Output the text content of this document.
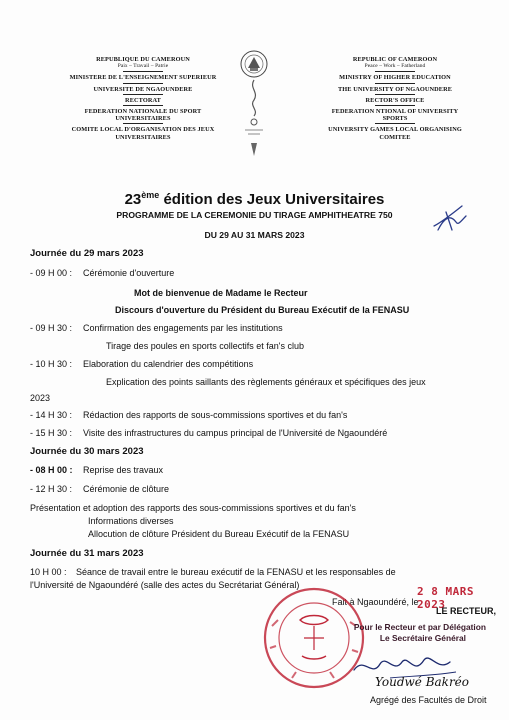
REPUBLIQUE DU CAMEROUN
Paix – Travail – Patrie
MINISTERE DE L'ENSEIGNEMENT SUPERIEUR
UNIVERSITE DE NGAOUNDERE
RECTORAT
FEDERATION NATIONALE DU SPORT
UNIVERSITAIRES
COMITE LOCAL D'ORGANISATION DES JEUX
UNIVERSITAIRES
REPUBLIC OF CAMEROON
Peace – Work – Fatherland
MINISTRY OF HIGHER EDUCATION
THE UNIVERSITY OF NGAOUNDERE
RECTOR'S OFFICE
FEDERATION NTIONAL OF UNIVERSITY
SPORTS
UNIVERSITY GAMES LOCAL ORGANISING
COMITEE
23ème édition des Jeux Universitaires
PROGRAMME DE LA CEREMONIE DU TIRAGE AMPHITHEATRE 750
DU 29 AU 31 MARS 2023
Journée du 29 mars 2023
- 09 H 00 : Cérémonie d'ouverture
Mot de bienvenue de Madame le Recteur
Discours d'ouverture du Président du Bureau Exécutif de la FENASU
- 09 H 30 : Confirmation des engagements par les institutions
Tirage des poules en sports collectifs et fan's club
- 10 H 30 : Elaboration du calendrier des compétitions
Explication des points saillants des règlements généraux et spécifiques des jeux
2023
- 14 H 30 : Rédaction des rapports de sous-commissions sportives et du fan's
- 15 H 30 : Visite des infrastructures du campus principal de l'Université de Ngaoundéré
Journée du 30 mars 2023
- 08 H 00 : Reprise des travaux
- 12 H 30 : Cérémonie de clôture
Présentation et adoption des rapports des sous-commissions sportives et du fan's
Informations diverses
Allocution de clôture Président du Bureau Exécutif de la FENASU
Journée du 31 mars 2023
10 H 00 : Séance de travail entre le bureau exécutif de la FENASU et les responsables de
l'Université de Ngaoundéré (salle des actes du Secrétariat Général)
Fait à Ngaoundéré, le
2 8 MARS 2023
LE RECTEUR,
Pour le Recteur et par Délégation
Le Secrétaire Général
Youdwé Bakréo
Agrégé des Facultés de Droit
